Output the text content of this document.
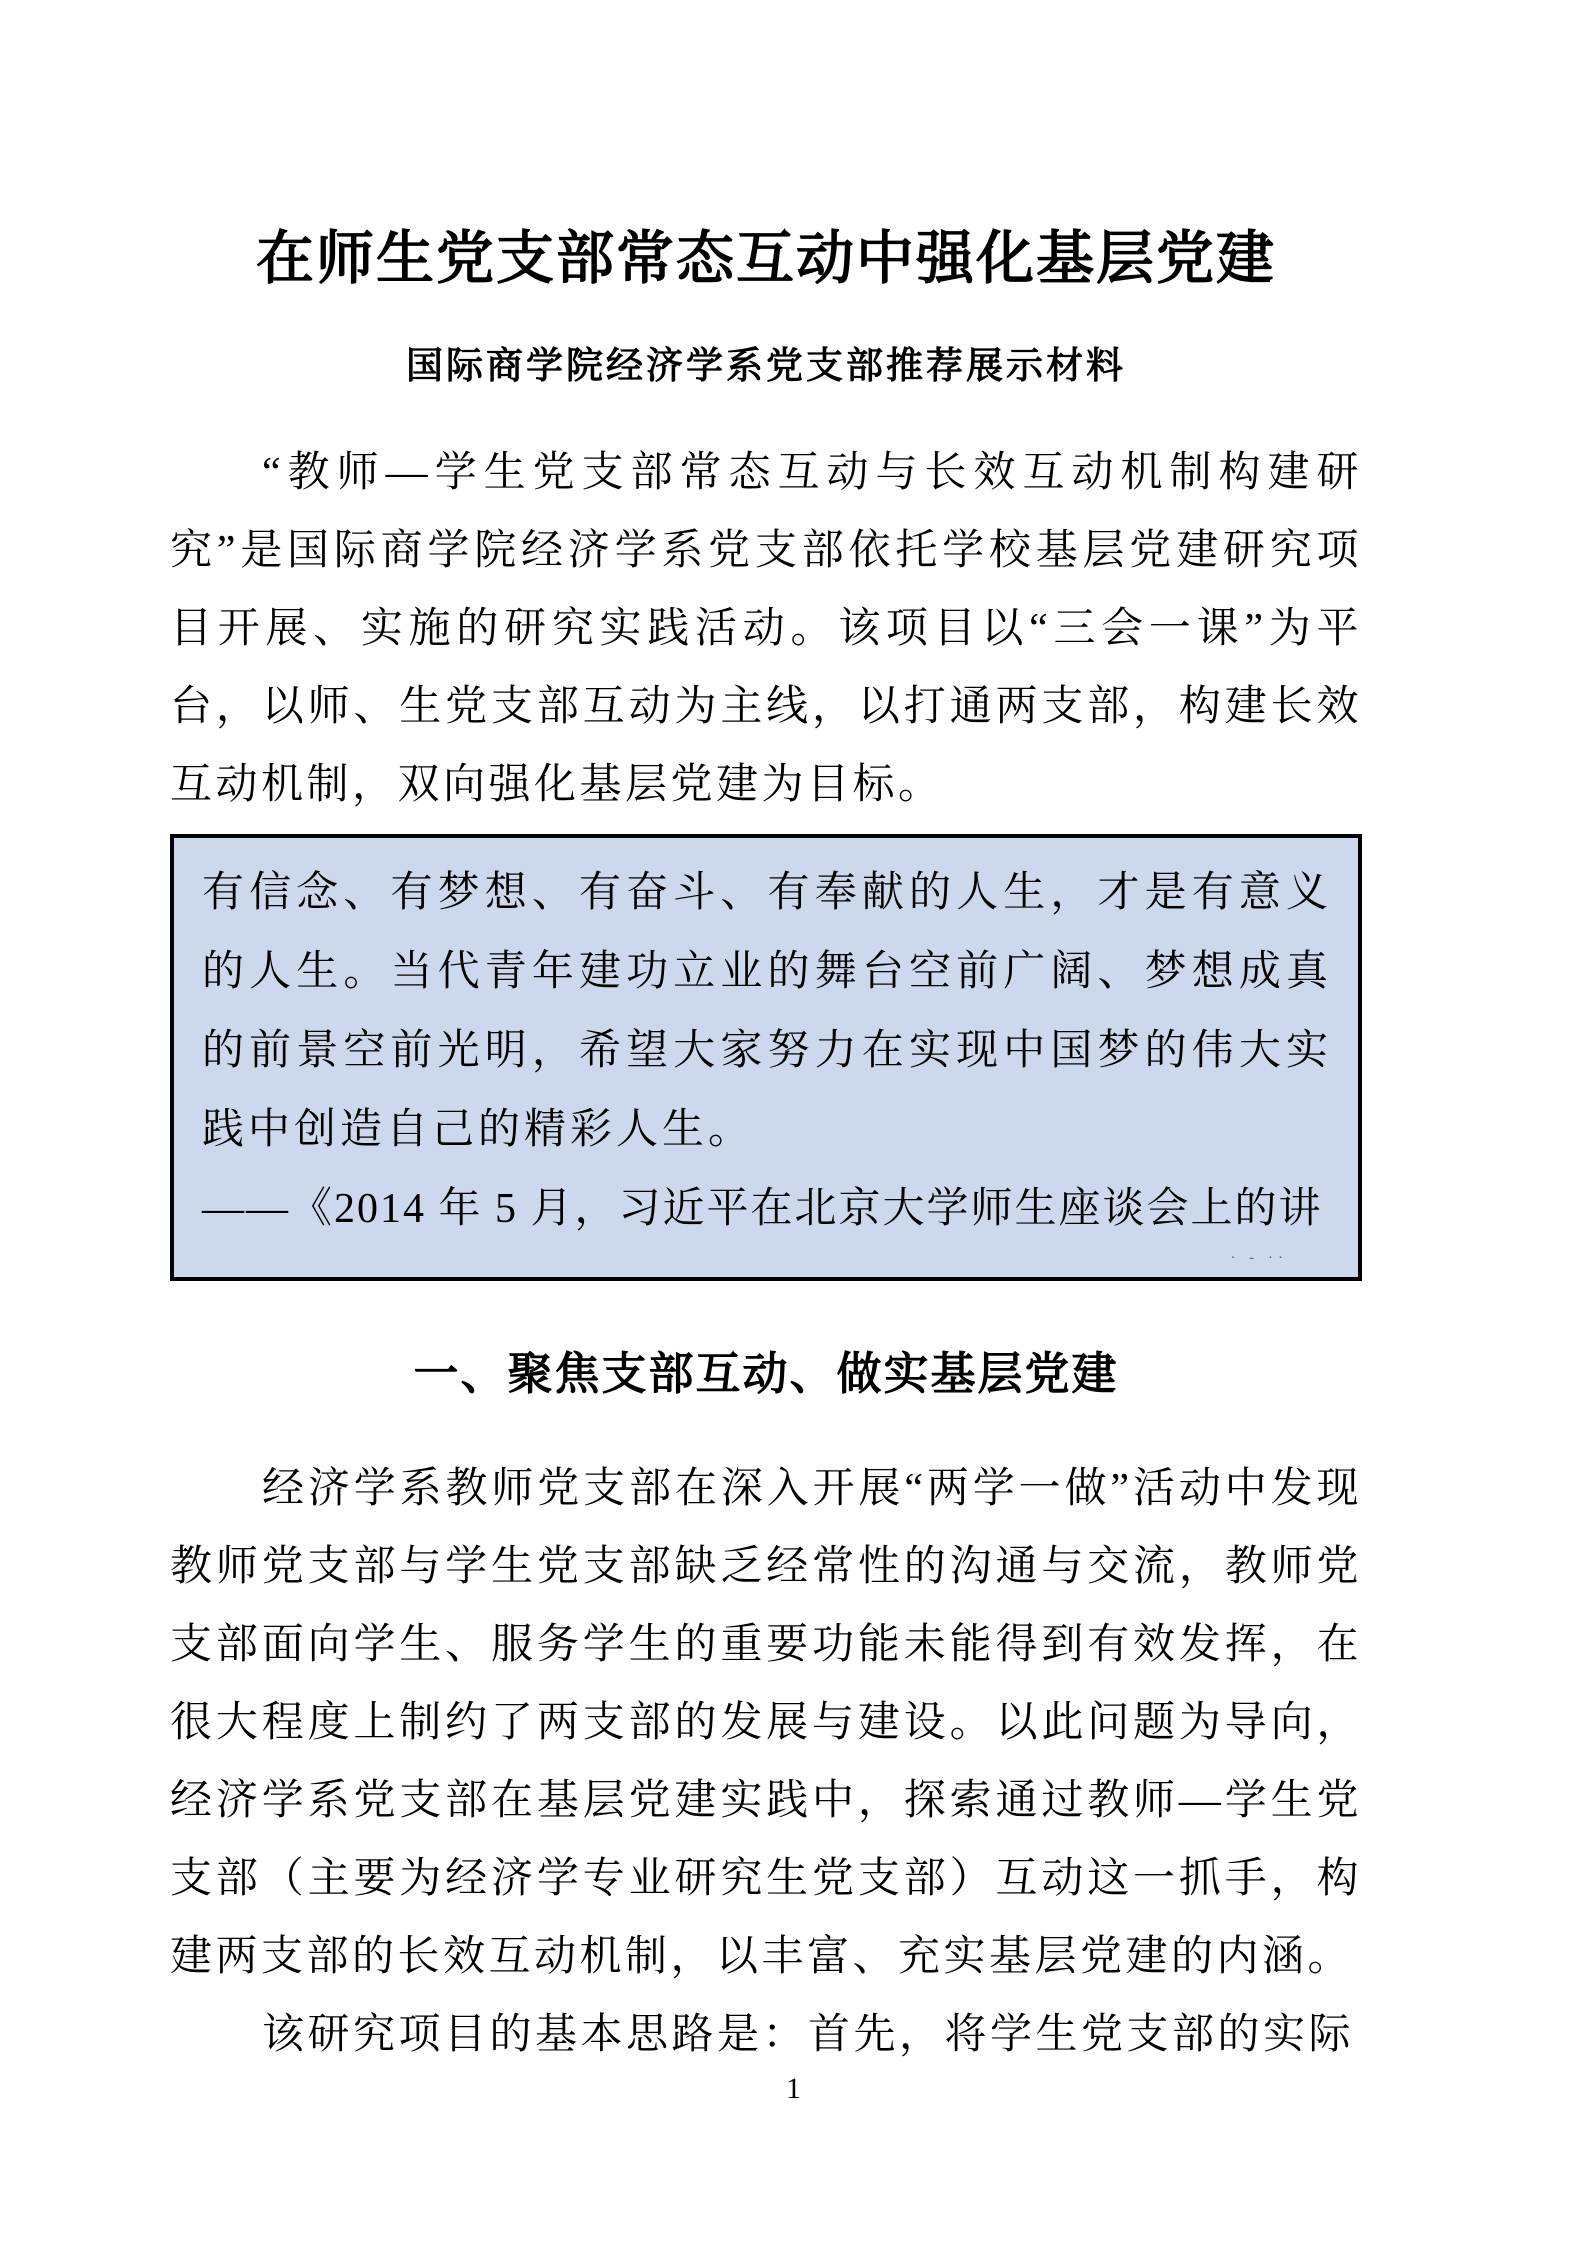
在师生党支部常态互动中强化基层党建
国际商学院经济学系党支部推荐展示材料

“教师—学生党支部常态互动与长效互动机制构建研究”是国际商学院经济学系党支部依托学校基层党建研究项目开展、实施的研究实践活动。该项目以“三会一课”为平台，以师、生党支部互动为主线，以打通两支部，构建长效互动机制，双向强化基层党建为目标。

有信念、有梦想、有奋斗、有奉献的人生，才是有意义的人生。当代青年建功立业的舞台空前广阔、梦想成真的前景空前光明，希望大家努力在实现中国梦的伟大实践中创造自己的精彩人生。

——《2014 年 5 月，习近平在北京大学师生座谈会上的讲

· ‐ ··
一、聚焦支部互动、做实基层党建

经济学系教师党支部在深入开展“两学一做”活动中发现教师党支部与学生党支部缺乏经常性的沟通与交流，教师党支部面向学生、服务学生的重要功能未能得到有效发挥，在很大程度上制约了两支部的发展与建设。以此问题为导向，经济学系党支部在基层党建实践中，探索通过教师—学生党支部（主要为经济学专业研究生党支部）互动这一抓手，构建两支部的长效互动机制，以丰富、充实基层党建的内涵。

该研究项目的基本思路是：首先，将学生党支部的实际

1
